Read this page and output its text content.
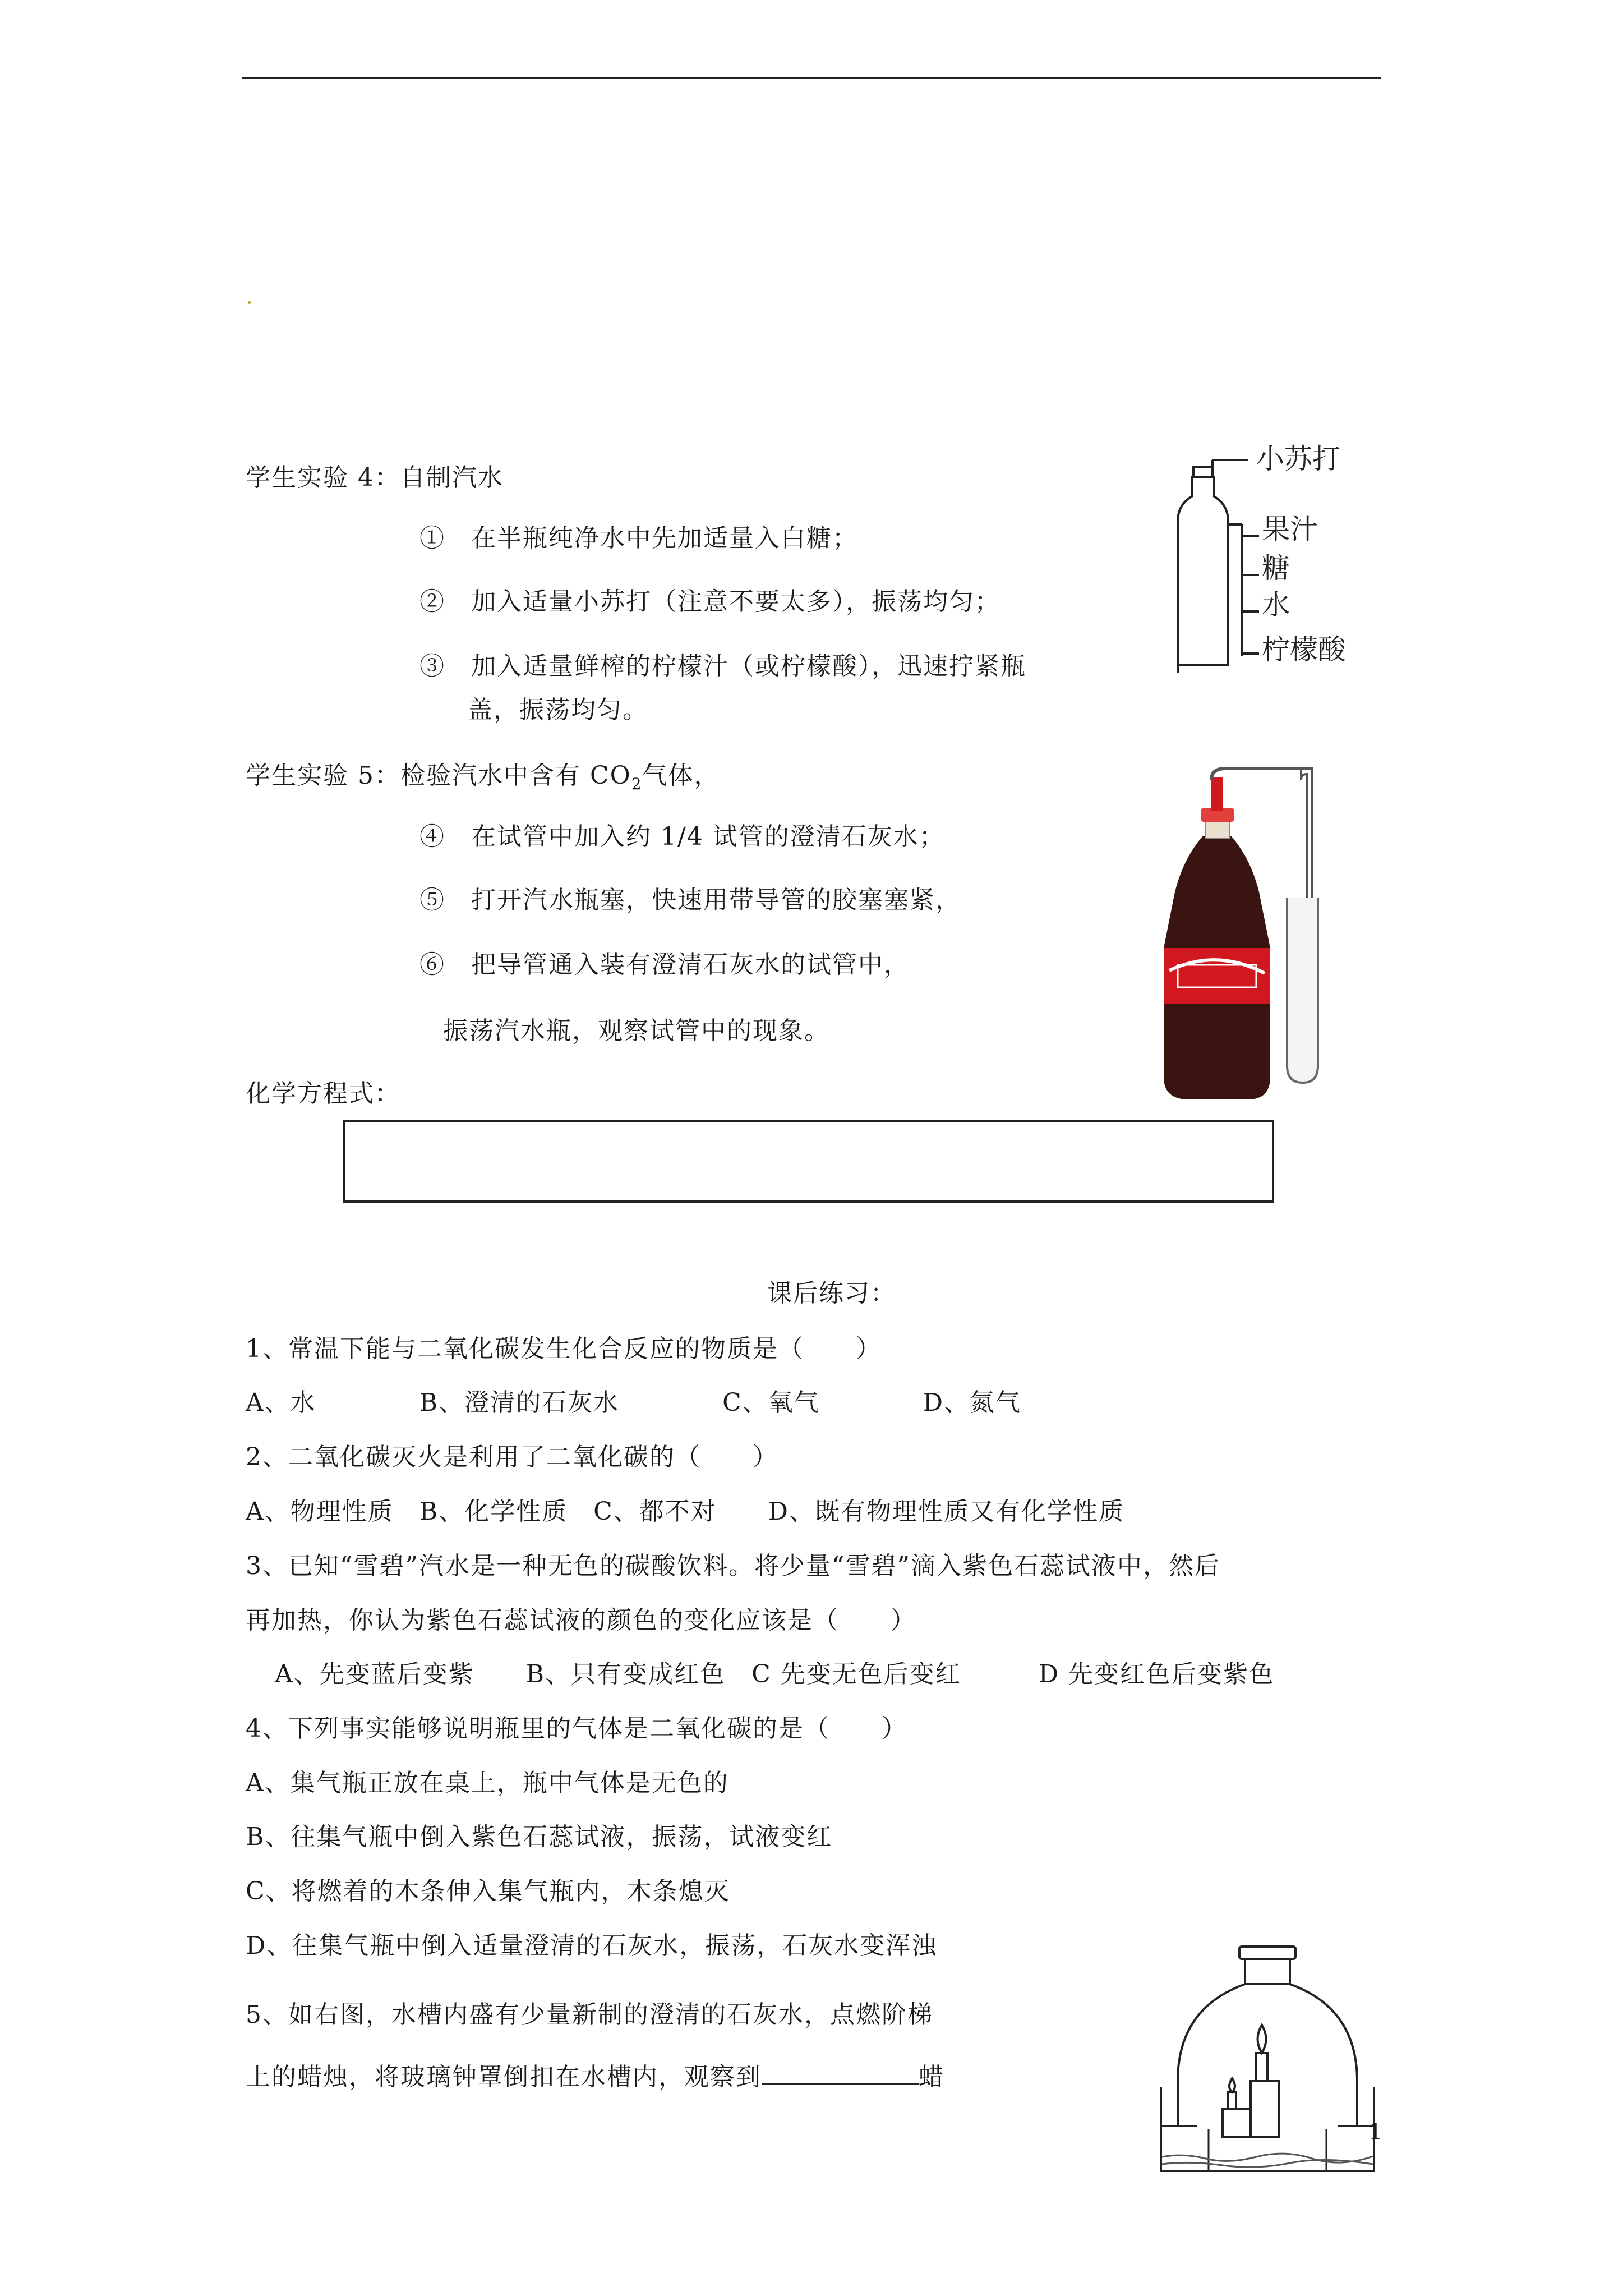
学生实验 4：自制汽水
①　在半瓶纯净水中先加适量入白糖；
②　加入适量小苏打（注意不要太多），振荡均匀；
③　加入适量鲜榨的柠檬汁（或柠檬酸），迅速拧紧瓶
盖，振荡均匀。
小苏打
果汁
糖
水
柠檬酸
学生实验 5：检验汽水中含有 $CO_2$气体，
④　在试管中加入约 1/4 试管的澄清石灰水；
⑤　打开汽水瓶塞，快速用带导管的胶塞塞紧，
⑥　把导管通入装有澄清石灰水的试管中，
振荡汽水瓶，观察试管中的现象。
化学方程式：
课后练习：
1、常温下能与二氧化碳发生化合反应的物质是（　　）
A、水　　　　B、澄清的石灰水　　　　C、氧气　　　　D、氮气
2、二氧化碳灭火是利用了二氧化碳的（　　）
A、物理性质　B、化学性质　C、都不对　　D、既有物理性质又有化学性质
3、已知“雪碧”汽水是一种无色的碳酸饮料。将少量“雪碧”滴入紫色石蕊试液中，然后
再加热，你认为紫色石蕊试液的颜色的变化应该是（　　）
A、先变蓝后变紫　　B、只有变成红色　C 先变无色后变红　　　D 先变红色后变紫色
4、下列事实能够说明瓶里的气体是二氧化碳的是（　　）
A、集气瓶正放在桌上，瓶中气体是无色的
B、往集气瓶中倒入紫色石蕊试液，振荡，试液变红
C、将燃着的木条伸入集气瓶内，木条熄灭
D、往集气瓶中倒入适量澄清的石灰水，振荡，石灰水变浑浊
5、如右图，水槽内盛有少量新制的澄清的石灰水，点燃阶梯
上的蜡烛，将玻璃钟罩倒扣在水槽内，观察到	蜡
1
